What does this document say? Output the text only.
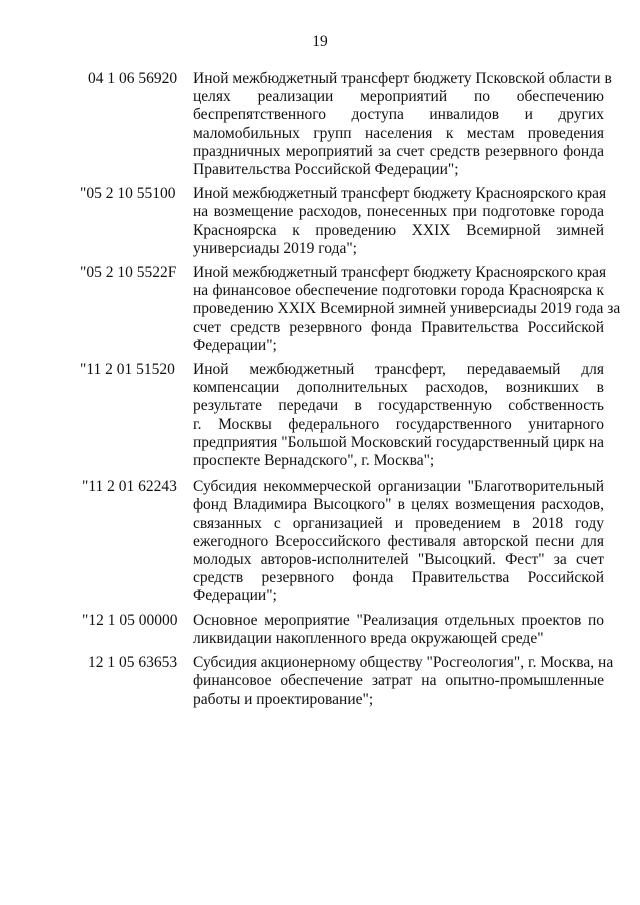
19
04 1 06 56920 Иной межбюджетный трансферт бюджету Псковской области в
целях реализации мероприятий по обеспечению
беспрепятственного доступа инвалидов и других
маломобильных групп населения к местам проведения
праздничных мероприятий за счет средств резервного фонда
Правительства Российской Федерации";
"05 2 10 55100 Иной межбюджетный трансферт бюджету Красноярского края
на возмещение расходов, понесенных при подготовке города
Красноярска к проведению XXIX Всемирной зимней
универсиады 2019 года";
"05 2 10 5522F Иной межбюджетный трансферт бюджету Красноярского края
на финансовое обеспечение подготовки города Красноярска к
проведению XXIX Всемирной зимней универсиады 2019 года за
счет средств резервного фонда Правительства Российской
Федерации";
"11 2 01 51520 Иной межбюджетный трансферт, передаваемый для
компенсации дополнительных расходов, возникших в
результате передачи в государственную собственность
г. Москвы федерального государственного унитарного
предприятия "Большой Московский государственный цирк на
проспекте Вернадского", г. Москва";
"11 2 01 62243 Субсидия некоммерческой организации "Благотворительный
фонд Владимира Высоцкого" в целях возмещения расходов,
связанных с организацией и проведением в 2018 году
ежегодного Всероссийского фестиваля авторской песни для
молодых авторов-исполнителей "Высоцкий. Фест" за счет
средств резервного фонда Правительства Российской
Федерации";
"12 1 05 00000 Основное мероприятие "Реализация отдельных проектов по
ликвидации накопленного вреда окружающей среде"
12 1 05 63653 Субсидия акционерному обществу "Росгеология", г. Москва, на
финансовое обеспечение затрат на опытно-промышленные
работы и проектирование";
